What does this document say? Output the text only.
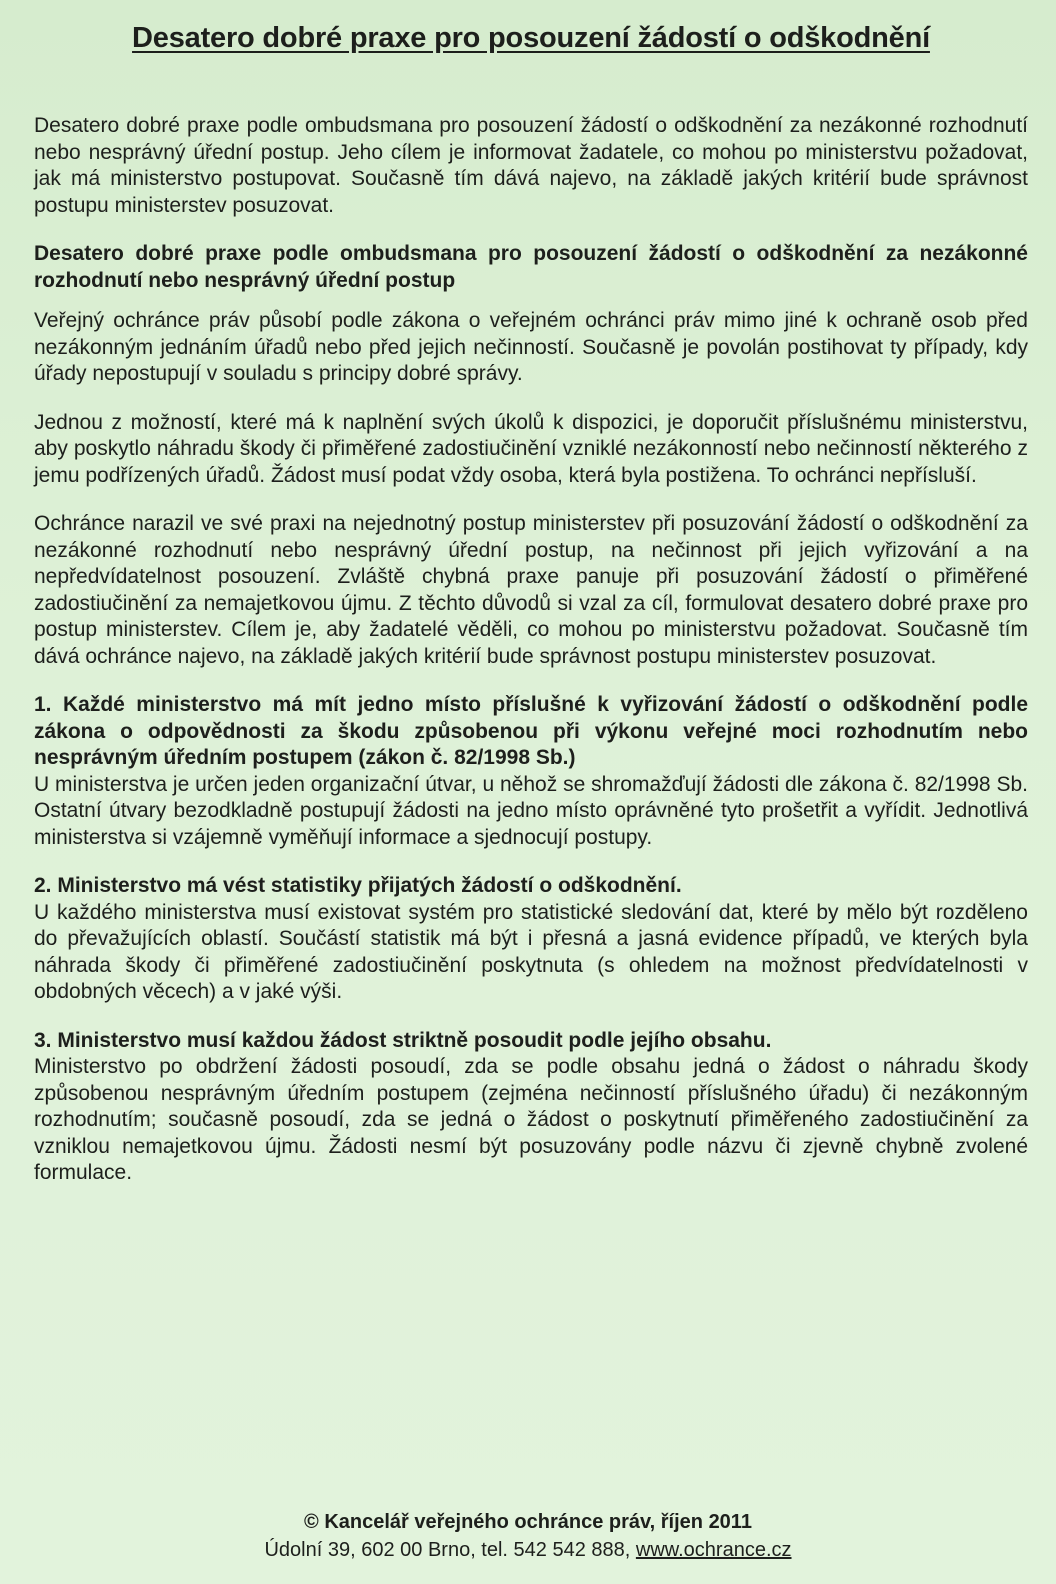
Desatero dobré praxe pro posouzení žádostí o odškodnění

Desatero dobré praxe podle ombudsmana pro posouzení žádostí o odškodnění za nezákonné rozhodnutí nebo nesprávný úřední postup. Jeho cílem je informovat žadatele, co mohou po ministerstvu požadovat, jak má ministerstvo postupovat. Současně tím dává najevo, na základě jakých kritérií bude správnost postupu ministerstev posuzovat.

Desatero dobré praxe podle ombudsmana pro posouzení žádostí o odškodnění za nezákonné rozhodnutí nebo nesprávný úřední postup

Veřejný ochránce práv působí podle zákona o veřejném ochránci práv mimo jiné k ochraně osob před nezákonným jednáním úřadů nebo před jejich nečinností. Současně je povolán postihovat ty případy, kdy úřady nepostupují v souladu s principy dobré správy.

Jednou z možností, které má k naplnění svých úkolů k dispozici, je doporučit příslušnému ministerstvu, aby poskytlo náhradu škody či přiměřené zadostiučinění vzniklé nezákonností nebo nečinností některého z jemu podřízených úřadů. Žádost musí podat vždy osoba, která byla postižena. To ochránci nepřísluší.

Ochránce narazil ve své praxi na nejednotný postup ministerstev při posuzování žádostí o odškodnění za nezákonné rozhodnutí nebo nesprávný úřední postup, na nečinnost při jejich vyřizování a na nepředvídatelnost posouzení. Zvláště chybná praxe panuje při posuzování žádostí o přiměřené zadostiučinění za nemajetkovou újmu. Z těchto důvodů si vzal za cíl, formulovat desatero dobré praxe pro postup ministerstev. Cílem je, aby žadatelé věděli, co mohou po ministerstvu požadovat. Současně tím dává ochránce najevo, na základě jakých kritérií bude správnost postupu ministerstev posuzovat.

1. Každé ministerstvo má mít jedno místo příslušné k vyřizování žádostí o odškodnění podle zákona o odpovědnosti za škodu způsobenou při výkonu veřejné moci rozhodnutím nebo nesprávným úředním postupem (zákon č. 82/1998 Sb.)

U ministerstva je určen jeden organizační útvar, u něhož se shromažďují žádosti dle zákona č. 82/1998 Sb. Ostatní útvary bezodkladně postupují žádosti na jedno místo oprávněné tyto prošetřit a vyřídit. Jednotlivá ministerstva si vzájemně vyměňují informace a sjednocují postupy.

2. Ministerstvo má vést statistiky přijatých žádostí o odškodnění.

U každého ministerstva musí existovat systém pro statistické sledování dat, které by mělo být rozděleno do převažujících oblastí. Součástí statistik má být i přesná a jasná evidence případů, ve kterých byla náhrada škody či přiměřené zadostiučinění poskytnuta (s ohledem na možnost předvídatelnosti v obdobných věcech) a v jaké výši.

3. Ministerstvo musí každou žádost striktně posoudit podle jejího obsahu.

Ministerstvo po obdržení žádosti posoudí, zda se podle obsahu jedná o žádost o náhradu škody způsobenou nesprávným úředním postupem (zejména nečinností příslušného úřadu) či nezákonným rozhodnutím; současně posoudí, zda se jedná o žádost o poskytnutí přiměřeného zadostiučinění za vzniklou nemajetkovou újmu. Žádosti nesmí být posuzovány podle názvu či zjevně chybně zvolené formulace.

© Kancelář veřejného ochránce práv, říjen 2011
Údolní 39, 602 00 Brno, tel. 542 542 888, www.ochrance.cz
